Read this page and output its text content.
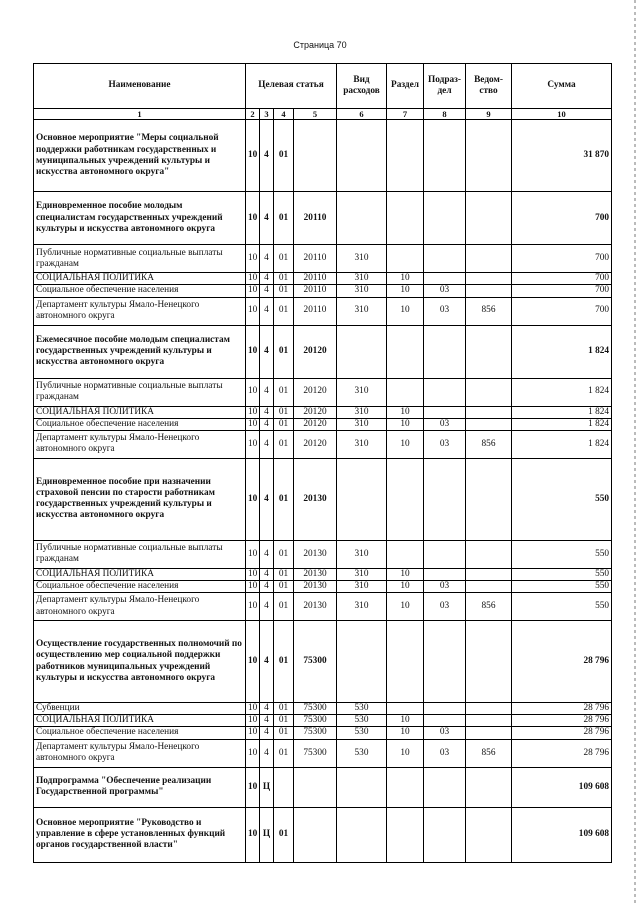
Страница 70
Наименование	Целевая статья				Вид расходов	Раздел	Подраз-дел	Ведом-ство	Сумма
1	2	3	4	5	6	7	8	9	10
Основное мероприятие "Меры социальной поддержки работникам государственных и муниципальных учреждений культуры и искусства автономного округа"	10	4	01						31 870
Единовременное пособие молодым специалистам государственных учреждений культуры и искусства автономного округа	10	4	01	20110					700
Публичные нормативные социальные выплаты гражданам	10	4	01	20110	310				700
СОЦИАЛЬНАЯ ПОЛИТИКА	10	4	01	20110	310	10			700
Социальное обеспечение населения	10	4	01	20110	310	10	03		700
Департамент культуры Ямало-Ненецкого автономного округа	10	4	01	20110	310	10	03	856	700
Ежемесячное пособие молодым специалистам государственных учреждений культуры и искусства автономного округа	10	4	01	20120					1 824
Публичные нормативные социальные выплаты гражданам	10	4	01	20120	310				1 824
СОЦИАЛЬНАЯ ПОЛИТИКА	10	4	01	20120	310	10			1 824
Социальное обеспечение населения	10	4	01	20120	310	10	03		1 824
Департамент культуры Ямало-Ненецкого автономного округа	10	4	01	20120	310	10	03	856	1 824
Единовременное пособие при назначении страховой пенсии по старости работникам государственных учреждений культуры и искусства автономного округа	10	4	01	20130					550
Публичные нормативные социальные выплаты гражданам	10	4	01	20130	310				550
СОЦИАЛЬНАЯ ПОЛИТИКА	10	4	01	20130	310	10			550
Социальное обеспечение населения	10	4	01	20130	310	10	03		550
Департамент культуры Ямало-Ненецкого автономного округа	10	4	01	20130	310	10	03	856	550
Осуществление государственных полномочий по осуществлению мер социальной поддержки работников муниципальных учреждений культуры и искусства автономного округа	10	4	01	75300					28 796
Субвенции	10	4	01	75300	530				28 796
СОЦИАЛЬНАЯ ПОЛИТИКА	10	4	01	75300	530	10			28 796
Социальное обеспечение населения	10	4	01	75300	530	10	03		28 796
Департамент культуры Ямало-Ненецкого автономного округа	10	4	01	75300	530	10	03	856	28 796
Подпрограмма "Обеспечение реализации Государственной программы"	10	Ц							109 608
Основное мероприятие "Руководство и управление в сфере установленных функций органов государственной власти"	10	Ц	01						109 608
